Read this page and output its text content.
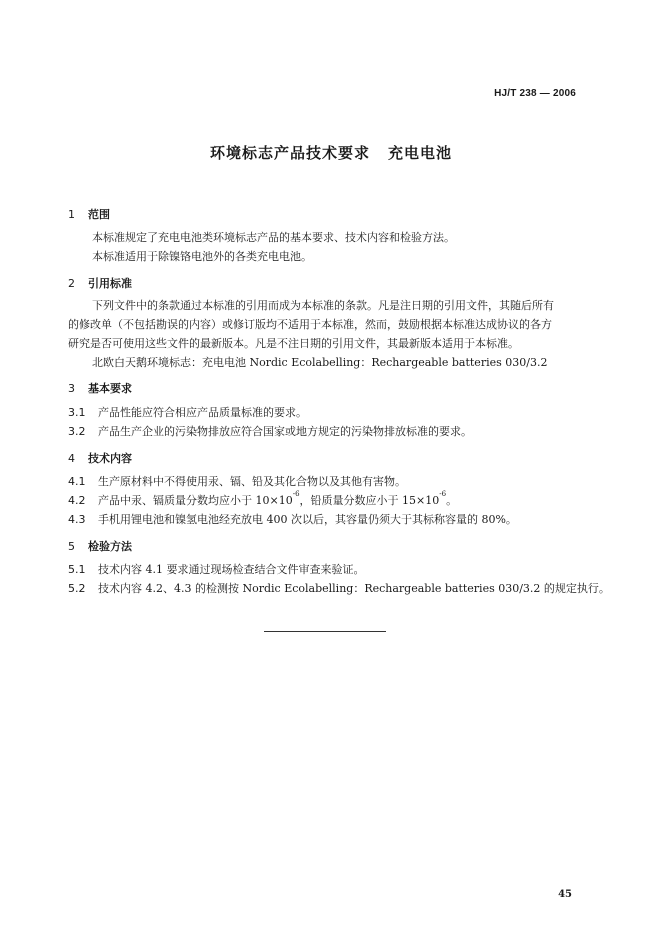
HJ/T 238 — 2006
环境标志产品技术要求 充电电池
1 范围
本标准规定了充电电池类环境标志产品的基本要求、技术内容和检验方法。
本标准适用于除镍铬电池外的各类充电电池。
2 引用标准
下列文件中的条款通过本标准的引用而成为本标准的条款。凡是注日期的引用文件，其随后所有
的修改单（不包括勘误的内容）或修订版均不适用于本标准，然而，鼓励根据本标准达成协议的各方
研究是否可使用这些文件的最新版本。凡是不注日期的引用文件，其最新版本适用于本标准。
北欧白天鹅环境标志：充电电池 Nordic Ecolabelling：Rechargeable batteries 030/3.2
3 基本要求
3.1 产品性能应符合相应产品质量标准的要求。
3.2 产品生产企业的污染物排放应符合国家或地方规定的污染物排放标准的要求。
4 技术内容
4.1 生产原材料中不得使用汞、镉、铅及其化合物以及其他有害物。
4.2 产品中汞、镉质量分数均应小于 $10\times 10^{-6}$，铅质量分数应小于 $15\times 10^{-6}$。
4.3 手机用锂电池和镍氢电池经充放电 400 次以后，其容量仍须大于其标称容量的 80%。
5 检验方法
5.1 技术内容 4.1 要求通过现场检查结合文件审查来验证。
5.2 技术内容 4.2、4.3 的检测按 Nordic Ecolabelling：Rechargeable batteries 030/3.2 的规定执行。
45
